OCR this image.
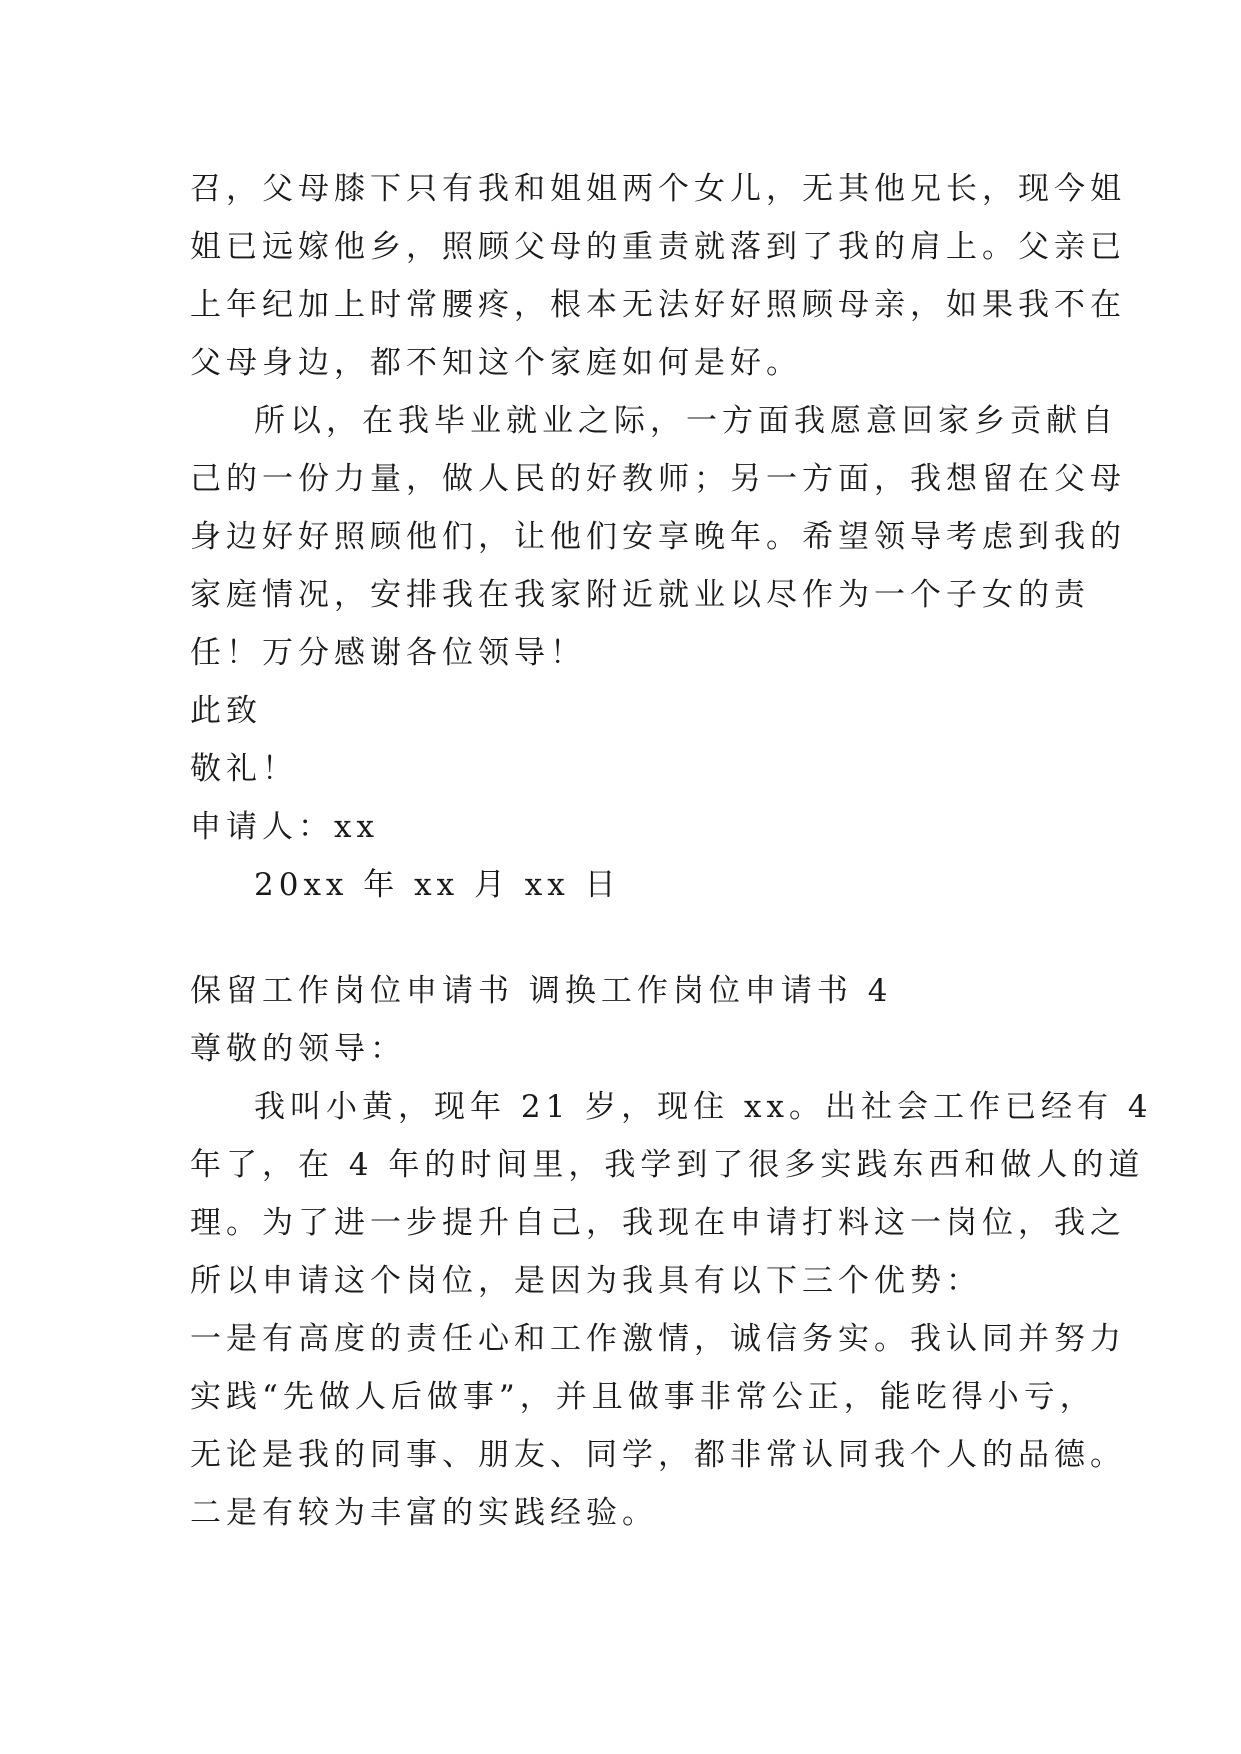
召，父母膝下只有我和姐姐两个女儿，无其他兄长，现今姐
姐已远嫁他乡，照顾父母的重责就落到了我的肩上。父亲已
上年纪加上时常腰疼，根本无法好好照顾母亲，如果我不在
父母身边，都不知这个家庭如何是好。
所以，在我毕业就业之际，一方面我愿意回家乡贡献自
己的一份力量，做人民的好教师；另一方面，我想留在父母
身边好好照顾他们，让他们安享晚年。希望领导考虑到我的
家庭情况，安排我在我家附近就业以尽作为一个子女的责
任！万分感谢各位领导！
此致
敬礼！
申请人：xx
20xx 年 xx 月 xx 日
保留工作岗位申请书 调换工作岗位申请书 4
尊敬的领导：
我叫小黄，现年 21 岁，现住 xx。出社会工作已经有 4
年了，在 4 年的时间里，我学到了很多实践东西和做人的道
理。为了进一步提升自己，我现在申请打料这一岗位，我之
所以申请这个岗位，是因为我具有以下三个优势：
一是有高度的责任心和工作激情，诚信务实。我认同并努力
实践“先做人后做事”，并且做事非常公正，能吃得小亏，
无论是我的同事、朋友、同学，都非常认同我个人的品德。
二是有较为丰富的实践经验。
